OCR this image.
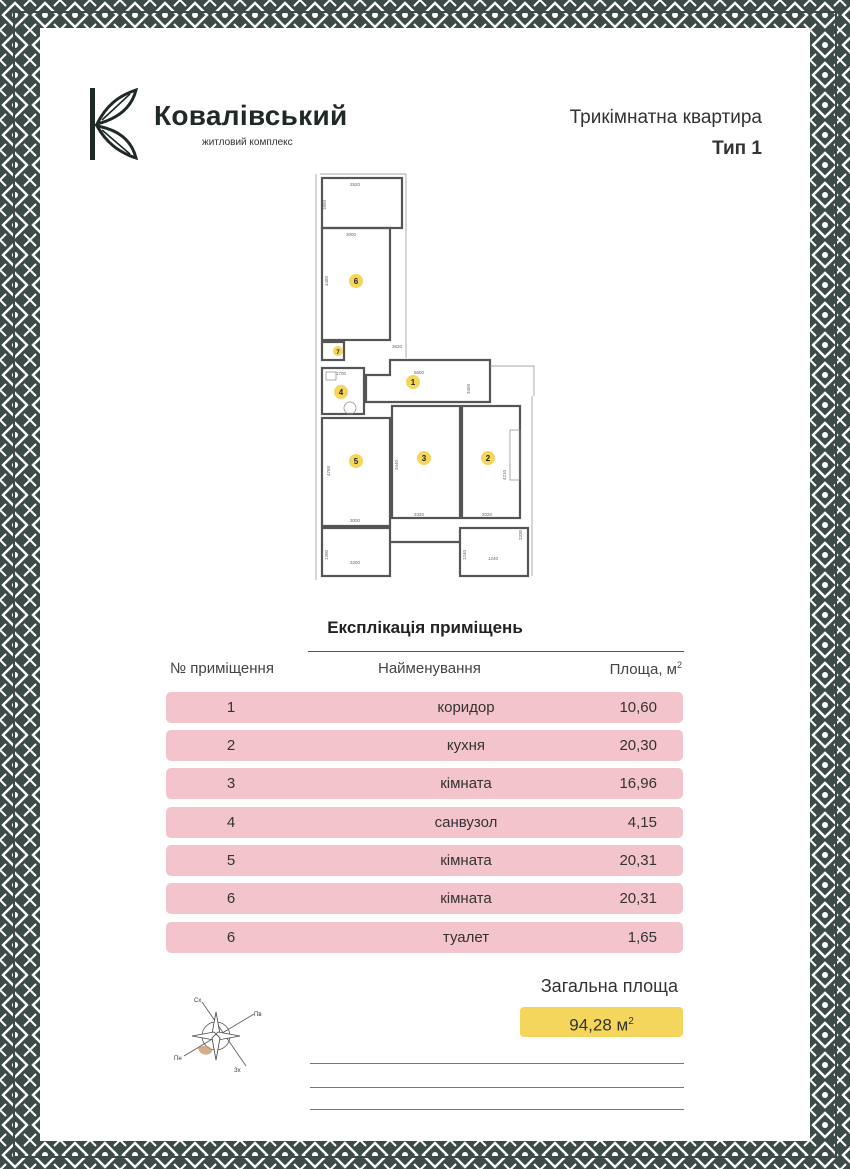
Ковалівський
житловий комплекс
Трикімнатна квартира
Тип 1
2520
3000
4480
1850
3620
1700	5600
3450
4760
3440
4210
3000
3200
1300
3320
1240
1240
2330
2020
6
1
2
3
4
5
7
Експлікація приміщень
№ приміщення	Найменування	Площа, $м^2$
1	коридор	10,60
2	кухня	20,30
3	кімната	16,96
4	санвузол	4,15
5	кімната	20,31
6	кімната	20,31
6	туалет	1,65
Загальна площа
94,28 $м^2$
Сх
Пв
Пн
Зх
